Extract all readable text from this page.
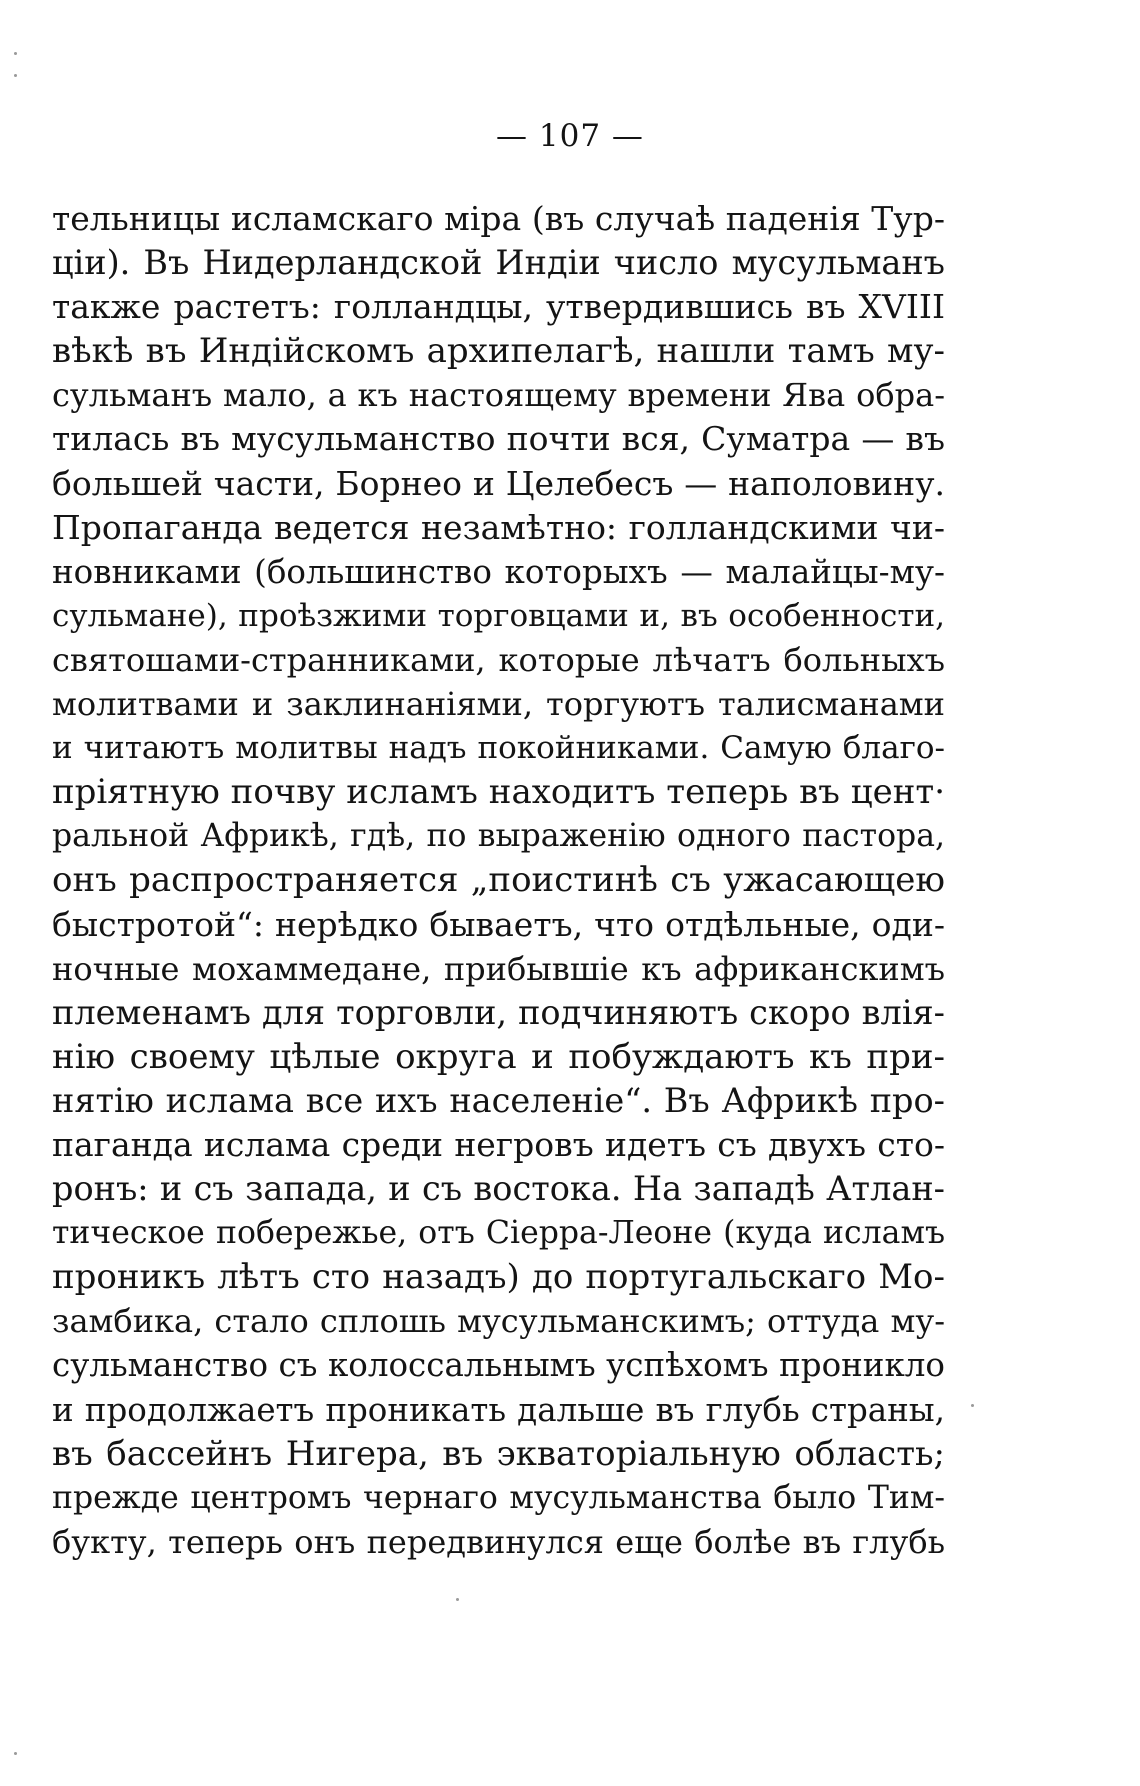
— 107 —

тельницы исламскаго міра (въ случаѣ паденія Тур-
ціи). Въ Нидерландской Индіи число мусульманъ
также растетъ: голландцы, утвердившись въ XVIII
вѣкѣ въ Индійскомъ архипелагѣ, нашли тамъ му-
сульманъ мало, а къ настоящему времени Ява обра-
тилась въ мусульманство почти вся, Суматра — въ
большей части, Борнео и Целебесъ — наполовину.
Пропаганда ведется незамѣтно: голландскими чи-
новниками (большинство которыхъ — малайцы-му-
сульмане), проѣзжими торговцами и, въ особенности,
святошами-странниками, которые лѣчатъ больныхъ
молитвами и заклинаніями, торгуютъ талисманами
и читаютъ молитвы надъ покойниками. Самую благо-
пріятную почву исламъ находитъ теперь въ цент·
ральной Африкѣ, гдѣ, по выраженію одного пастора,
онъ распространяется „поистинѣ съ ужасающею
быстротой“: нерѣдко бываетъ, что отдѣльные, оди-
ночные мохаммедане, прибывшіе къ африканскимъ
племенамъ для торговли, подчиняютъ скоро влія-
нію своему цѣлые округа и побуждаютъ къ при-
нятію ислама все ихъ населеніе“. Въ Африкѣ про-
паганда ислама среди негровъ идетъ съ двухъ сто-
ронъ: и съ запада, и съ востока. На западѣ Атлан-
тическое побережье, отъ Сіерра-Леоне (куда исламъ
проникъ лѣтъ сто назадъ) до португальскаго Мо-
замбика, стало сплошь мусульманскимъ; оттуда му-
сульманство съ колоссальнымъ успѣхомъ проникло
и продолжаетъ проникать дальше въ глубь страны,
въ бассейнъ Нигера, въ экваторіальную область;
прежде центромъ чернаго мусульманства было Тим-
букту, теперь онъ передвинулся еще болѣе въ глубь
